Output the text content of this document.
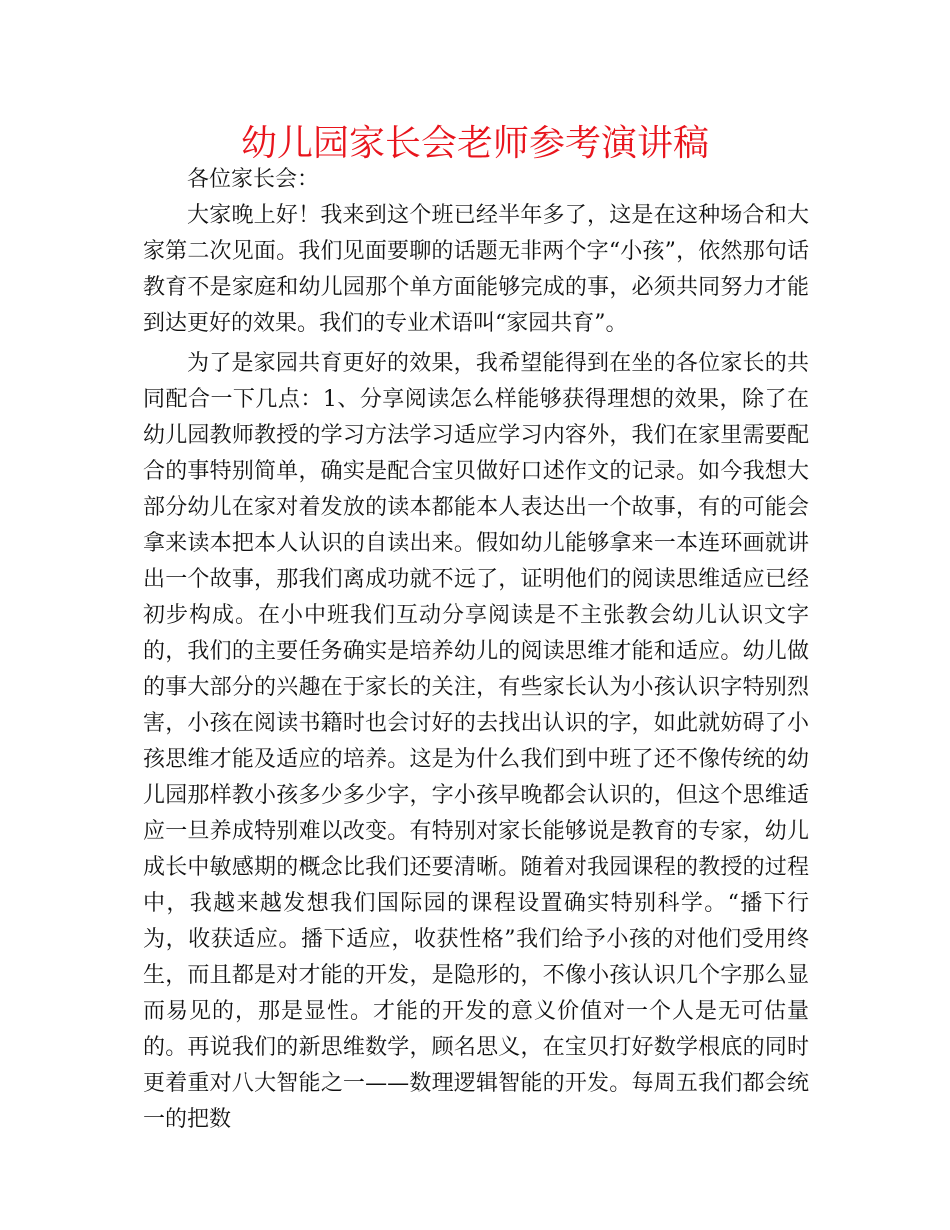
幼儿园家长会老师参考演讲稿

各位家长会：

大家晚上好！我来到这个班已经半年多了，这是在这种场合和大家第二次见面。我们见面要聊的话题无非两个字“小孩”，依然那句话教育不是家庭和幼儿园那个单方面能够完成的事，必须共同努力才能到达更好的效果。我们的专业术语叫“家园共育”。

为了是家园共育更好的效果，我希望能得到在坐的各位家长的共同配合一下几点：1、分享阅读怎么样能够获得理想的效果，除了在幼儿园教师教授的学习方法学习适应学习内容外，我们在家里需要配合的事特别简单，确实是配合宝贝做好口述作文的记录。如今我想大部分幼儿在家对着发放的读本都能本人表达出一个故事，有的可能会拿来读本把本人认识的自读出来。假如幼儿能够拿来一本连环画就讲出一个故事，那我们离成功就不远了，证明他们的阅读思维适应已经初步构成。在小中班我们互动分享阅读是不主张教会幼儿认识文字的，我们的主要任务确实是培养幼儿的阅读思维才能和适应。幼儿做的事大部分的兴趣在于家长的关注，有些家长认为小孩认识字特别烈害，小孩在阅读书籍时也会讨好的去找出认识的字，如此就妨碍了小孩思维才能及适应的培养。这是为什么我们到中班了还不像传统的幼儿园那样教小孩多少多少字，字小孩早晚都会认识的，但这个思维适应一旦养成特别难以改变。有特别对家长能够说是教育的专家，幼儿成长中敏感期的概念比我们还要清晰。随着对我园课程的教授的过程中，我越来越发想我们国际园的课程设置确实特别科学。“播下行为，收获适应。播下适应，收获性格”我们给予小孩的对他们受用终生，而且都是对才能的开发，是隐形的，不像小孩认识几个字那么显而易见的，那是显性。才能的开发的意义价值对一个人是无可估量的。再说我们的新思维数学，顾名思义，在宝贝打好数学根底的同时更着重对八大智能之一——数理逻辑智能的开发。每周五我们都会统一的把数
